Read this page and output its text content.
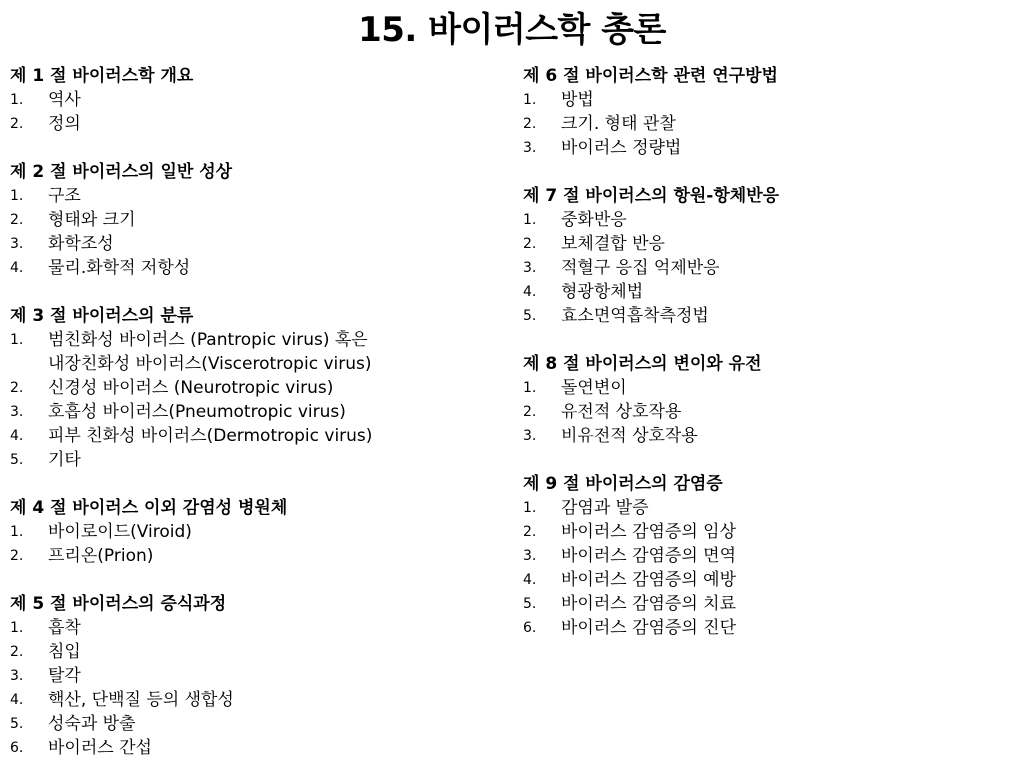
15. 바이러스학 총론
제 1 절 바이러스학 개요
1.	역사
2.	정의
제 2 절 바이러스의 일반 성상
1.	구조
2.	형태와 크기
3.	화학조성
4.	물리.화학적 저항성
제 3 절 바이러스의 분류
1.	범친화성 바이러스 (Pantropic virus) 혹은
내장친화성 바이러스(Viscerotropic virus)
2.	신경성 바이러스 (Neurotropic virus)
3.	호흡성 바이러스(Pneumotropic virus)
4.	피부 친화성 바이러스(Dermotropic virus)
5.	기타
제 4 절 바이러스 이외 감염성 병원체
1.	바이로이드(Viroid)
2.	프리온(Prion)
제 5 절 바이러스의 증식과정
1.	흡착
2.	침입
3.	탈각
4.	핵산, 단백질 등의 생합성
5.	성숙과 방출
6.	바이러스 간섭
제 6 절 바이러스학 관련 연구방법
1.	방법
2.	크기. 형태 관찰
3.	바이러스 정량법
제 7 절 바이러스의 항원-항체반응
1.	중화반응
2.	보체결합 반응
3.	적혈구 응집 억제반응
4.	형광항체법
5.	효소면역흡착측정법
제 8 절 바이러스의 변이와 유전
1.	돌연변이
2.	유전적 상호작용
3.	비유전적 상호작용
제 9 절 바이러스의 감염증
1.	감염과 발증
2.	바이러스 감염증의 임상
3.	바이러스 감염증의 면역
4.	바이러스 감염증의 예방
5.	바이러스 감염증의 치료
6.	바이러스 감염증의 진단
